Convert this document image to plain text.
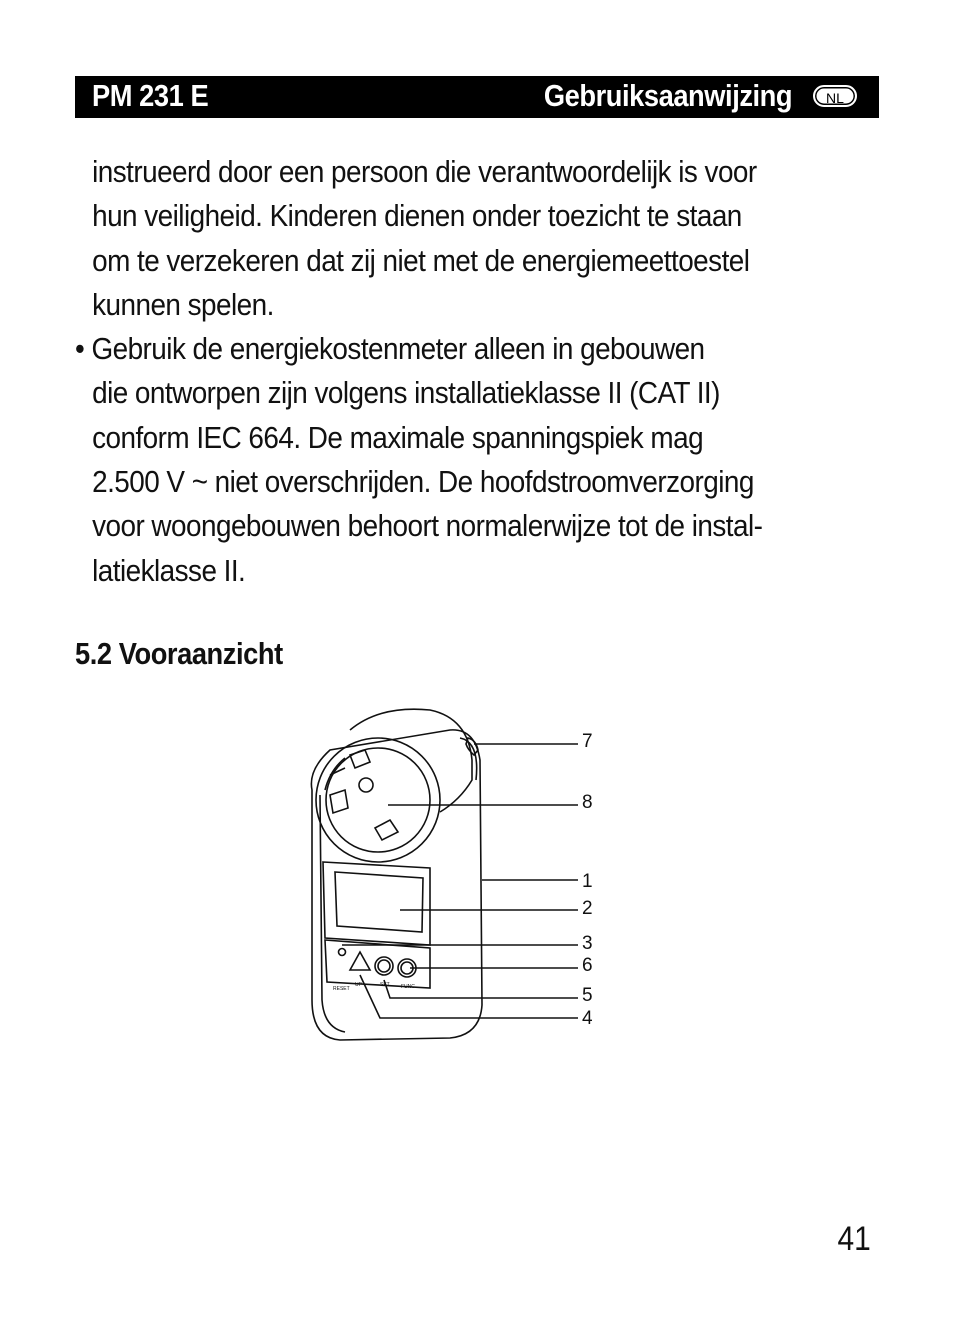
PM 231 E	Gebruiksaanwijzing	NL
instrueerd door een persoon die verantwoordelijk is voor
hun veiligheid. Kinderen dienen onder toezicht te staan
om te verzekeren dat zij niet met de energiemeettoestel
kunnen spelen.
• Gebruik de energiekostenmeter alleen in gebouwen
die ontworpen zijn volgens installatieklasse II (CAT II)
conform IEC 664. De maximale spanningspiek mag
2.500 V ~ niet overschrijden. De hoofdstroomverzorging
voor woongebouwen behoort normalerwijze tot de instal-
latieklasse II.
5.2 Vooraanzicht
RESET
UP	SET FUNC
7
8
1
2
3
6
5
4
41
